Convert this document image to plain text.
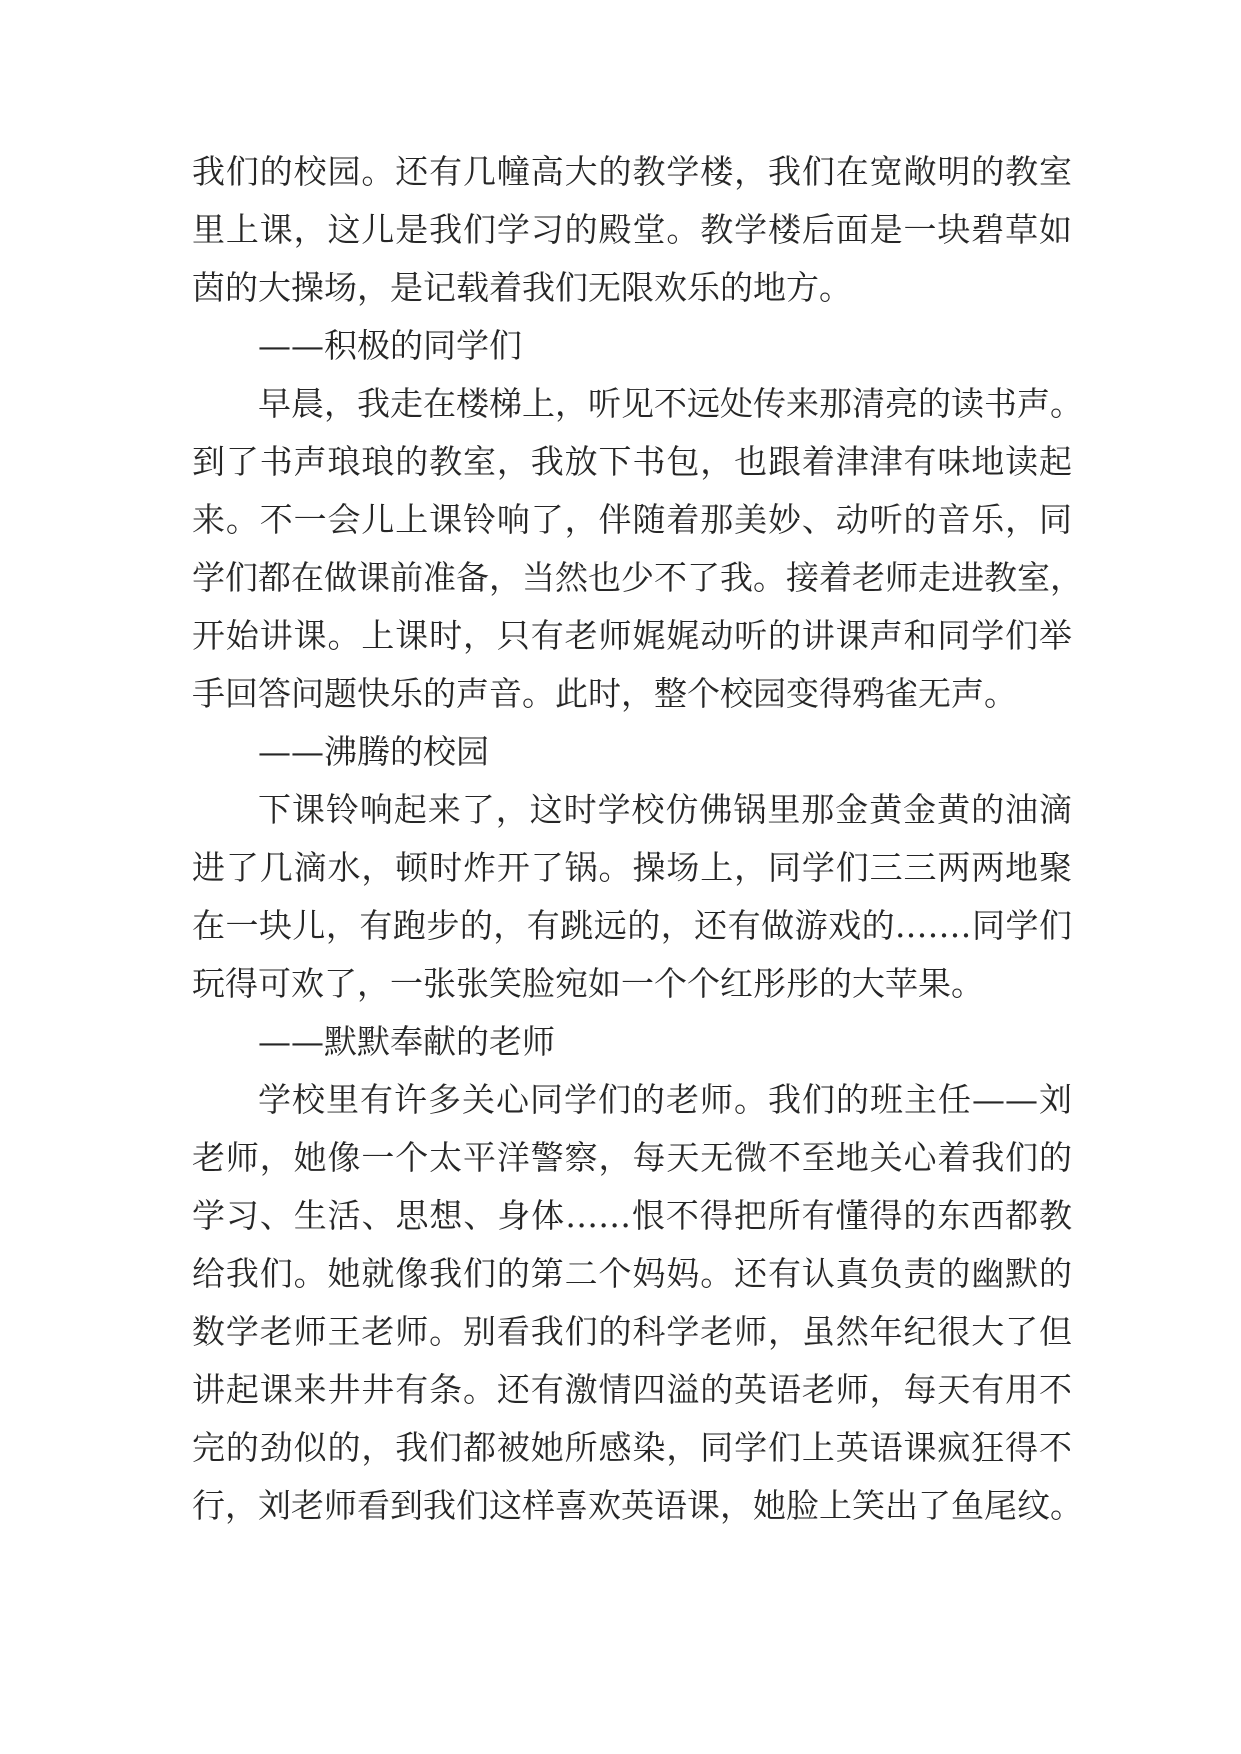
我们的校园。还有几幢高大的教学楼，我们在宽敞明的教室
里上课，这儿是我们学习的殿堂。教学楼后面是一块碧草如
茵的大操场，是记载着我们无限欢乐的地方。
——积极的同学们
早晨，我走在楼梯上，听见不远处传来那清亮的读书声。
到了书声琅琅的教室，我放下书包，也跟着津津有味地读起
来。不一会儿上课铃响了，伴随着那美妙、动听的音乐，同
学们都在做课前准备，当然也少不了我。接着老师走进教室，
开始讲课。上课时，只有老师娓娓动听的讲课声和同学们举
手回答问题快乐的声音。此时，整个校园变得鸦雀无声。
——沸腾的校园
下课铃响起来了，这时学校仿佛锅里那金黄金黄的油滴
进了几滴水，顿时炸开了锅。操场上，同学们三三两两地聚
在一块儿，有跑步的，有跳远的，还有做游戏的.……同学们
玩得可欢了，一张张笑脸宛如一个个红彤彤的大苹果。
——默默奉献的老师
学校里有许多关心同学们的老师。我们的班主任——刘
老师，她像一个太平洋警察，每天无微不至地关心着我们的
学习、生活、思想、身体……恨不得把所有懂得的东西都教
给我们。她就像我们的第二个妈妈。还有认真负责的幽默的
数学老师王老师。别看我们的科学老师，虽然年纪很大了但
讲起课来井井有条。还有激情四溢的英语老师，每天有用不
完的劲似的，我们都被她所感染，同学们上英语课疯狂得不
行，刘老师看到我们这样喜欢英语课，她脸上笑出了鱼尾纹。
